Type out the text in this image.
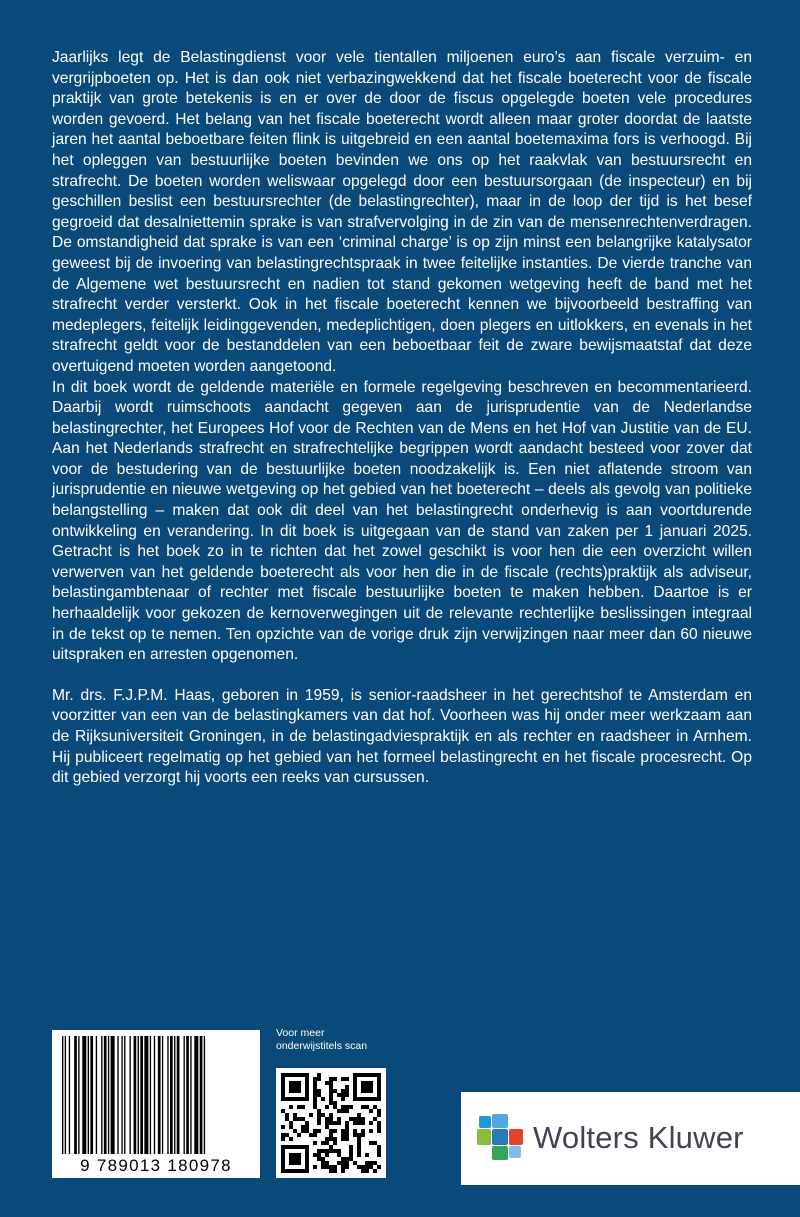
Jaarlijks legt de Belastingdienst voor vele tientallen miljoenen euro’s aan fiscale verzuim- en vergrijpboeten op. Het is dan ook niet verbazingwekkend dat het fiscale boeterecht voor de fiscale praktijk van grote betekenis is en er over de door de fiscus opgelegde boeten vele procedures worden gevoerd. Het belang van het fiscale boeterecht wordt alleen maar groter doordat de laatste jaren het aantal beboetbare feiten flink is uitgebreid en een aantal boetemaxima fors is verhoogd. Bij het opleggen van bestuurlijke boeten bevinden we ons op het raakvlak van bestuursrecht en strafrecht. De boeten worden weliswaar opgelegd door een bestuursorgaan (de inspecteur) en bij geschillen beslist een bestuursrechter (de belastingrechter), maar in de loop der tijd is het besef gegroeid dat desalniettemin sprake is van strafvervolging in de zin van de mensenrechtenverdragen. De omstandigheid dat sprake is van een ‘criminal charge’ is op zijn minst een belangrijke katalysator geweest bij de invoering van belastingrechtspraak in twee feitelijke instanties. De vierde tranche van de Algemene wet bestuursrecht en nadien tot stand gekomen wetgeving heeft de band met het strafrecht verder versterkt. Ook in het fiscale boeterecht kennen we bijvoorbeeld bestraffing van medeplegers, feitelijk leidinggevenden, medeplichtigen, doen plegers en uitlokkers, en evenals in het strafrecht geldt voor de bestanddelen van een beboetbaar feit de zware bewijsmaatstaf dat deze overtuigend moeten worden aangetoond.

In dit boek wordt de geldende materiële en formele regelgeving beschreven en becommentarieerd. Daarbij wordt ruimschoots aandacht gegeven aan de jurisprudentie van de Nederlandse belastingrechter, het Europees Hof voor de Rechten van de Mens en het Hof van Justitie van de EU. Aan het Nederlands strafrecht en strafrechtelijke begrippen wordt aandacht besteed voor zover dat voor de bestudering van de bestuurlijke boeten noodzakelijk is. Een niet aflatende stroom van jurisprudentie en nieuwe wetgeving op het gebied van het boeterecht – deels als gevolg van politieke belangstelling – maken dat ook dit deel van het belastingrecht onderhevig is aan voortdurende ontwikkeling en verandering. In dit boek is uitgegaan van de stand van zaken per 1 januari 2025. Getracht is het boek zo in te richten dat het zowel geschikt is voor hen die een overzicht willen verwerven van het geldende boeterecht als voor hen die in de fiscale (rechts)praktijk als adviseur, belastingambtenaar of rechter met fiscale bestuurlijke boeten te maken hebben. Daartoe is er herhaaldelijk voor gekozen de kernoverwegingen uit de relevante rechterlijke beslissingen integraal in de tekst op te nemen. Ten opzichte van de vorige druk zijn verwijzingen naar meer dan 60 nieuwe uitspraken en arresten opgenomen.

Mr. drs. F.J.P.M. Haas, geboren in 1959, is senior-raadsheer in het gerechtshof te Amsterdam en voorzitter van een van de belastingkamers van dat hof. Voorheen was hij onder meer werkzaam aan de Rijksuniversiteit Groningen, in de belastingadviespraktijk en als rechter en raadsheer in Arnhem. Hij publiceert regelmatig op het gebied van het formeel belastingrecht en het fiscale procesrecht. Op dit gebied verzorgt hij voorts een reeks van cursussen.

9 789013 180978
Voor meer onderwijstitels scan
Wolters Kluwer
